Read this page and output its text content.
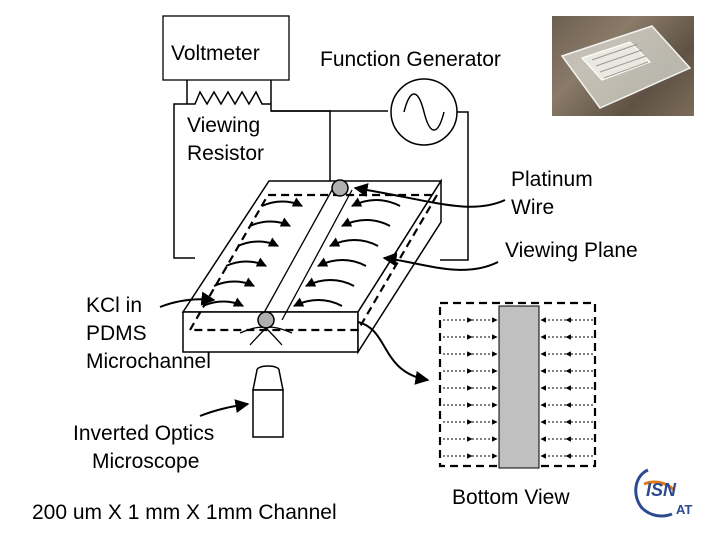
Voltmeter	Function Generator
Viewing
Resistor
Platinum
Wire
Viewing Plane
KCl in
PDMS
Microchannel
Inverted Optics
Microscope
200 um X 1 mm X 1mm Channel
Bottom View	ISN
AT
